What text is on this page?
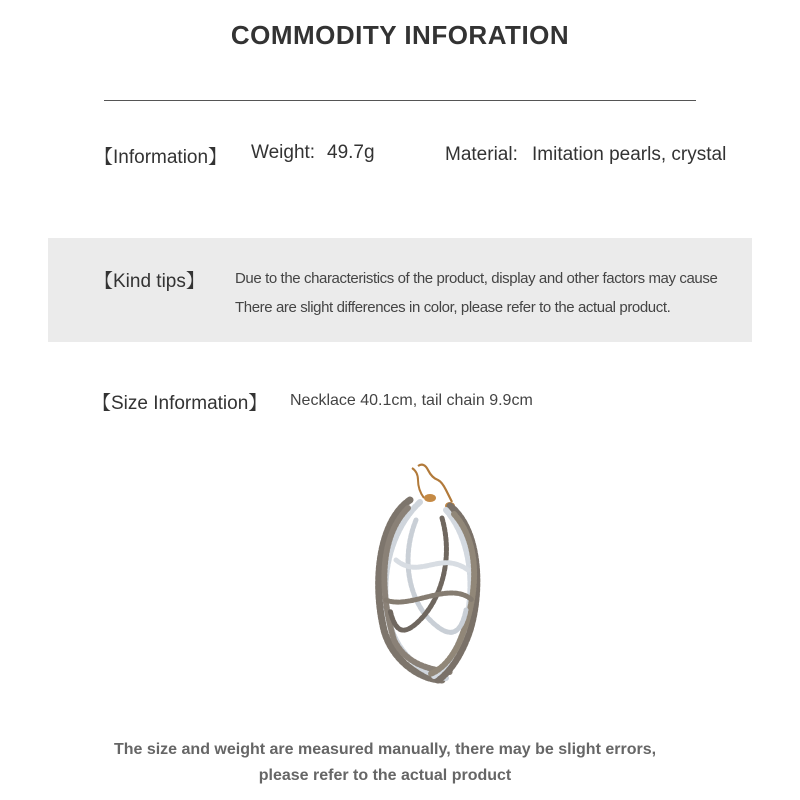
COMMODITY INFORATION
【Information】 Weight: 49.7g	Material: Imitation pearls, crystal
【Kind tips】 Due to the characteristics of the product, display and other factors may cause
There are slight differences in color, please refer to the actual product.
【Size Information】 Necklace 40.1cm, tail chain 9.9cm
The size and weight are measured manually, there may be slight errors,
please refer to the actual product
